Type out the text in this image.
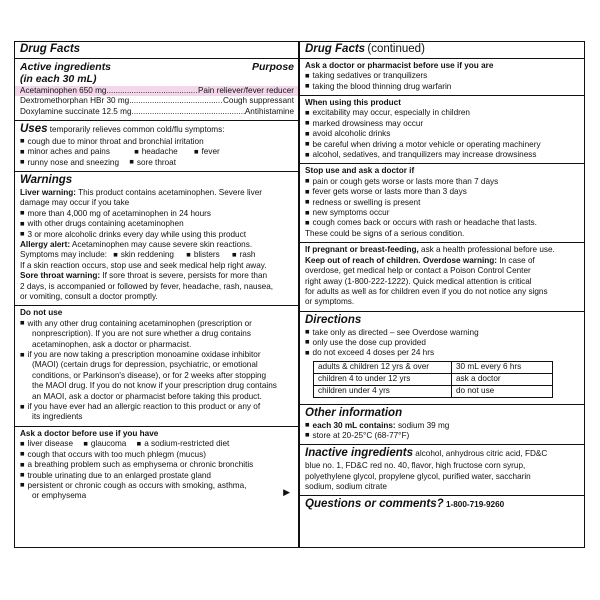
Drug Facts
Active ingredients	Purpose
(in each 30 mL)
Acetaminophen 650 mg .....	Pain reliever/fever reducer
Dextromethorphan HBr 30 mg .....	Cough suppressant
Doxylamine succinate 12.5 mg .....	Antihistamine
Uses temporarily relieves common cold/flu symptoms:
■ cough due to minor throat and bronchial irritation
■ minor aches and pains	■ headache	■ fever
■ runny nose and sneezing ■ sore throat
Warnings
Liver warning: This product contains acetaminophen. Severe liver
damage may occur if you take
■ more than 4,000 mg of acetaminophen in 24 hours
■ with other drugs containing acetaminophen
■ 3 or more alcoholic drinks every day while using this product
Allergy alert: Acetaminophen may cause severe skin reactions.
Symptoms may include: ■ skin reddening ■ blisters ■ rash
If a skin reaction occurs, stop use and seek medical help right away.
Sore throat warning: If sore throat is severe, persists for more than
2 days, is accompanied or followed by fever, headache, rash, nausea,
or vomiting, consult a doctor promptly.
Do not use
■ with any other drug containing acetaminophen (prescription or
nonprescription). If you are not sure whether a drug contains
acetaminophen, ask a doctor or pharmacist.
■ if you are now taking a prescription monoamine oxidase inhibitor
(MAOI) (certain drugs for depression, psychiatric, or emotional
conditions, or Parkinson's disease), or for 2 weeks after stopping
the MAOI drug. If you do not know if your prescription drug contains
an MAOI, ask a doctor or pharmacist before taking this product.
■ if you have ever had an allergic reaction to this product or any of
its ingredients
Ask a doctor before use if you have
■ liver disease ■ glaucoma ■ a sodium-restricted diet
■ cough that occurs with too much phlegm (mucus)
■ a breathing problem such as emphysema or chronic bronchitis
■ trouble urinating due to an enlarged prostate gland
■ persistent or chronic cough as occurs with smoking, asthma,
or emphysema	▶
Drug Facts (continued)
Ask a doctor or pharmacist before use if you are
■ taking sedatives or tranquilizers
■ taking the blood thinning drug warfarin
When using this product
■ excitability may occur, especially in children
■ marked drowsiness may occur
■ avoid alcoholic drinks
■ be careful when driving a motor vehicle or operating machinery
■ alcohol, sedatives, and tranquilizers may increase drowsiness
Stop use and ask a doctor if
■ pain or cough gets worse or lasts more than 7 days
■ fever gets worse or lasts more than 3 days
■ redness or swelling is present
■ new symptoms occur
■ cough comes back or occurs with rash or headache that lasts.
These could be signs of a serious condition.
If pregnant or breast-feeding, ask a health professional before use.
Keep out of reach of children. Overdose warning: In case of
overdose, get medical help or contact a Poison Control Center
right away (1-800-222-1222). Quick medical attention is critical
for adults as well as for children even if you do not notice any signs
or symptoms.
Directions
■ take only as directed – see Overdose warning
■ only use the dose cup provided
■ do not exceed 4 doses per 24 hrs
adults & children 12 yrs & over	30 mL every 6 hrs
children 4 to under 12 yrs	ask a doctor
children under 4 yrs	do not use
Other information
■ each 30 mL contains: sodium 39 mg
■ store at 20-25°C (68-77°F)
Inactive ingredients alcohol, anhydrous citric acid, FD&C
blue no. 1, FD&C red no. 40, flavor, high fructose corn syrup,
polyethylene glycol, propylene glycol, purified water, saccharin
sodium, sodium citrate
Questions or comments? 1-800-719-9260
